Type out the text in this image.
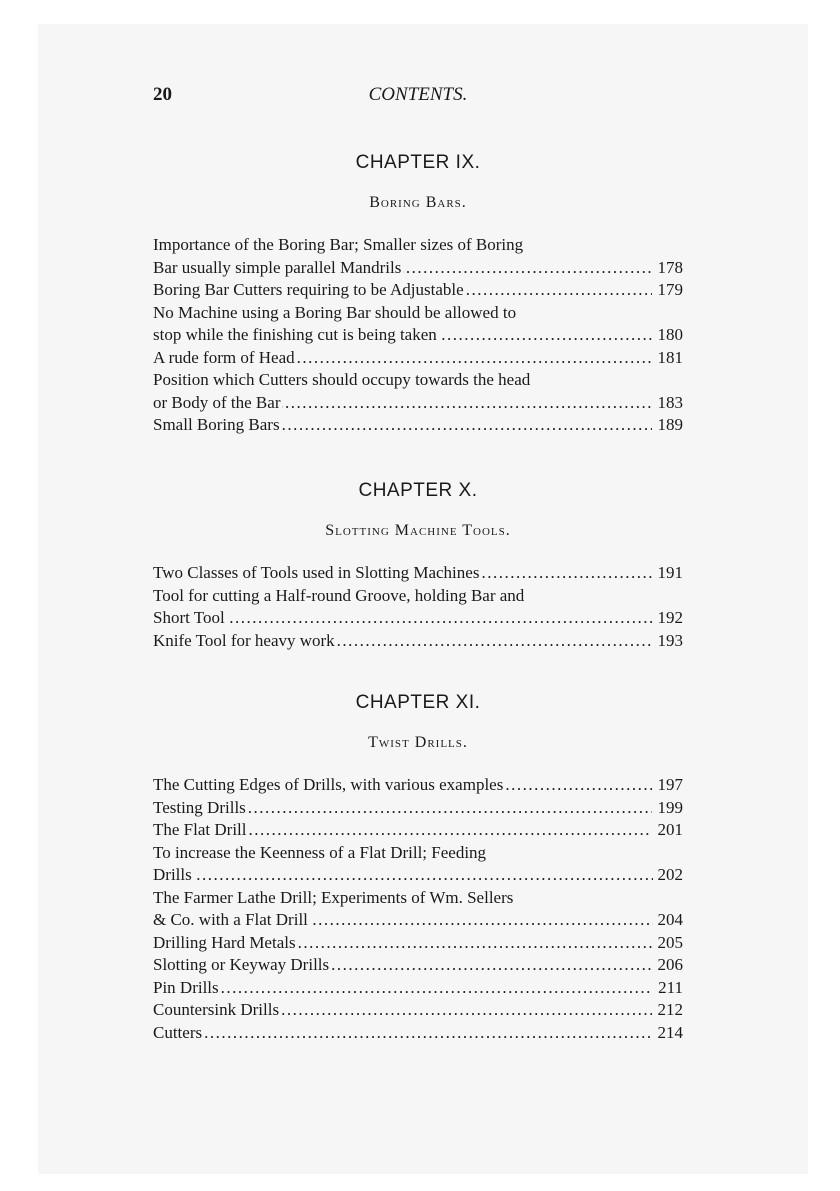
20	CONTENTS.
CHAPTER IX.
Boring Bars.
Importance of the Boring Bar; Smaller sizes of Boring
Bar usually simple parallel Mandrils .....	178
Boring Bar Cutters requiring to be Adjustable .....	179
No Machine using a Boring Bar should be allowed to
stop while the finishing cut is being taken .....	180
A rude form of Head .....	181
Position which Cutters should occupy towards the head
or Body of the Bar .....	183
Small Boring Bars .....	189
CHAPTER X.
Slotting Machine Tools.
Two Classes of Tools used in Slotting Machines .....	191
Tool for cutting a Half-round Groove, holding Bar and
Short Tool .....	192
Knife Tool for heavy work .....	193
CHAPTER XI.
Twist Drills.
The Cutting Edges of Drills, with various examples .....	197
Testing Drills .....	199
The Flat Drill .....	201
To increase the Keenness of a Flat Drill; Feeding
Drills .....	202
The Farmer Lathe Drill; Experiments of Wm. Sellers
& Co. with a Flat Drill .....	204
Drilling Hard Metals .....	205
Slotting or Keyway Drills .....	206
Pin Drills .....	211
Countersink Drills .....	212
Cutters .....	214
